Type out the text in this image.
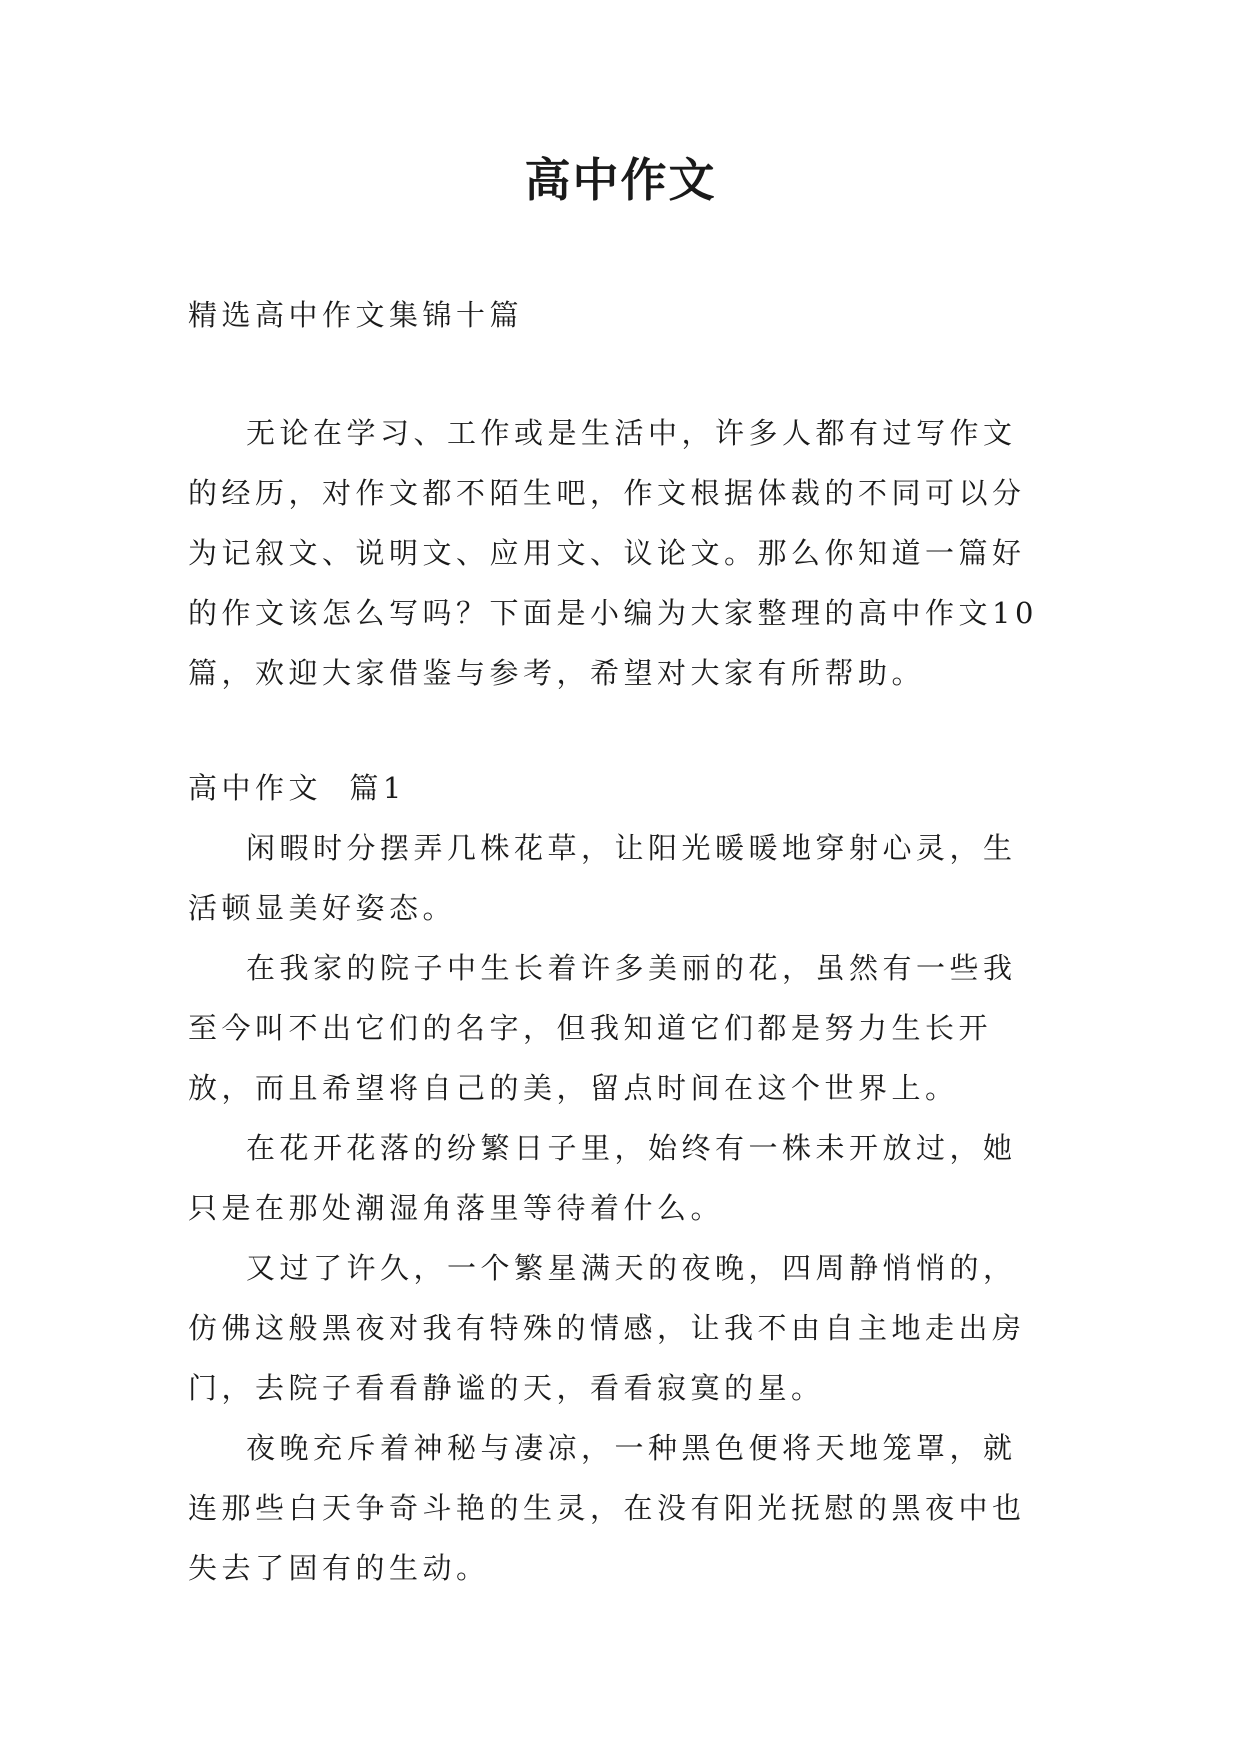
高中作文

精选高中作文集锦十篇

无论在学习、工作或是生活中，许多人都有过写作文的经历，对作文都不陌生吧，作文根据体裁的不同可以分为记叙文、说明文、应用文、议论文。那么你知道一篇好的作文该怎么写吗？下面是小编为大家整理的高中作文10篇，欢迎大家借鉴与参考，希望对大家有所帮助。

高中作文  篇1

闲暇时分摆弄几株花草，让阳光暖暖地穿射心灵，生活顿显美好姿态。

在我家的院子中生长着许多美丽的花，虽然有一些我至今叫不出它们的名字，但我知道它们都是努力生长开放，而且希望将自己的美，留点时间在这个世界上。

在花开花落的纷繁日子里，始终有一株未开放过，她只是在那处潮湿角落里等待着什么。

又过了许久，一个繁星满天的夜晚，四周静悄悄的，仿佛这般黑夜对我有特殊的情感，让我不由自主地走出房门，去院子看看静谧的天，看看寂寞的星。

夜晚充斥着神秘与凄凉，一种黑色便将天地笼罩，就连那些白天争奇斗艳的生灵，在没有阳光抚慰的黑夜中也失去了固有的生动。
